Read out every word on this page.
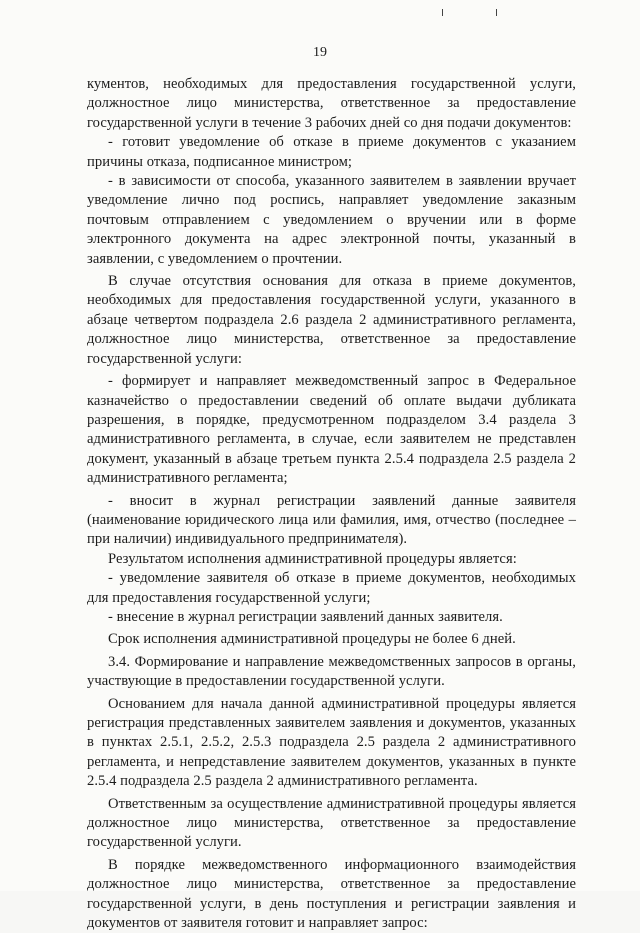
19

кументов, необходимых для предоставления государственной услуги, должностное лицо министерства, ответственное за предоставление государственной услуги в течение 3 рабочих дней со дня подачи документов:

- готовит уведомление об отказе в приеме документов с указанием причины отказа, подписанное министром;

- в зависимости от способа, указанного заявителем в заявлении вручает уведомление лично под роспись, направляет уведомление заказным почтовым отправлением с уведомлением о вручении или в форме электронного документа на адрес электронной почты, указанный в заявлении, с уведомлением о прочтении.

В случае отсутствия основания для отказа в приеме документов, необходимых для предоставления государственной услуги, указанного в абзаце четвертом подраздела 2.6 раздела 2 административного регламента, должностное лицо министерства, ответственное за предоставление государственной услуги:

- формирует и направляет межведомственный запрос в Федеральное казначейство о предоставлении сведений об оплате выдачи дубликата разрешения, в порядке, предусмотренном подразделом 3.4 раздела 3 административного регламента, в случае, если заявителем не представлен документ, указанный в абзаце третьем пункта 2.5.4 подраздела 2.5 раздела 2 административного регламента;

- вносит в журнал регистрации заявлений данные заявителя (наименование юридического лица или фамилия, имя, отчество (последнее – при наличии) индивидуального предпринимателя).

Результатом исполнения административной процедуры является:

- уведомление заявителя об отказе в приеме документов, необходимых для предоставления государственной услуги;

- внесение в журнал регистрации заявлений данных заявителя.

Срок исполнения административной процедуры не более 6 дней.

3.4. Формирование и направление межведомственных запросов в органы, участвующие в предоставлении государственной услуги.

Основанием для начала данной административной процедуры является регистрация представленных заявителем заявления и документов, указанных в пунктах 2.5.1, 2.5.2, 2.5.3 подраздела 2.5 раздела 2 административного регламента, и непредставление заявителем документов, указанных в пункте 2.5.4 подраздела 2.5 раздела 2 административного регламента.

Ответственным за осуществление административной процедуры является должностное лицо министерства, ответственное за предоставление государственной услуги.

В порядке межведомственного информационного взаимодействия должностное лицо министерства, ответственное за предоставление государственной услуги, в день поступления и регистрации заявления и документов от заявителя готовит и направляет запрос:
